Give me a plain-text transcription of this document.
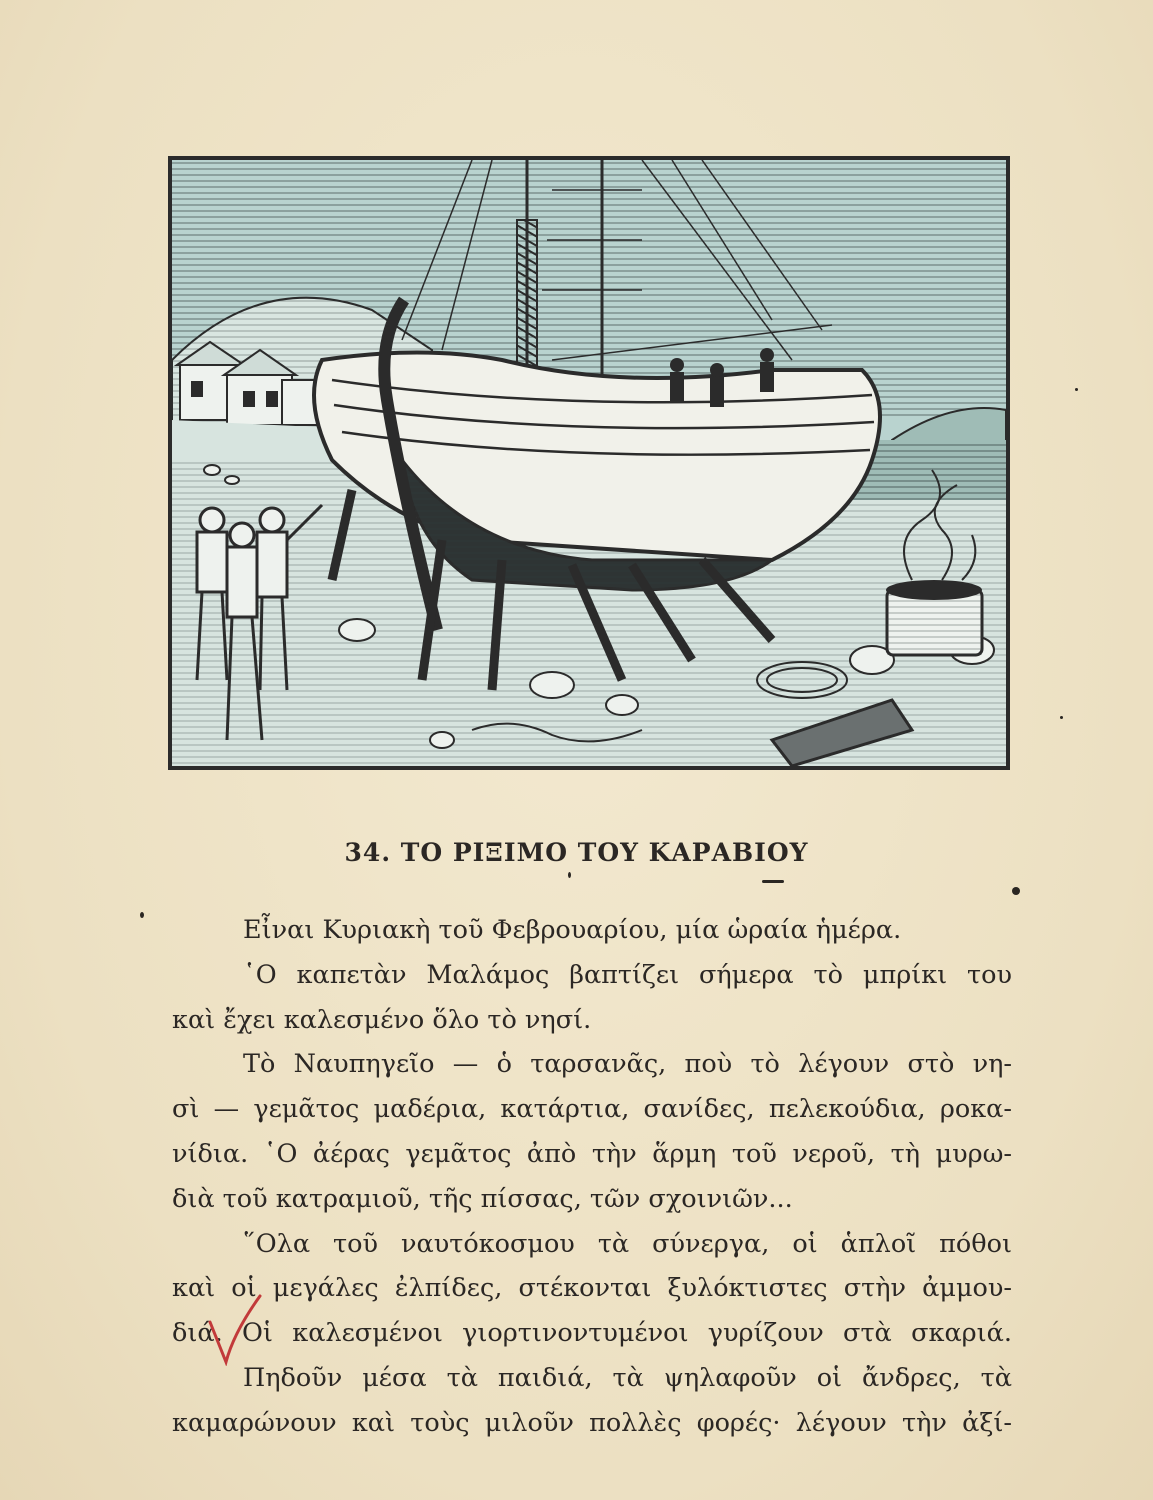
34. ΤΟ ΡΙΞΙΜΟ ΤΟΥ ΚΑΡΑΒΙΟΥ
Εἶναι Κυριακὴ τοῦ Φεβρουαρίου, μία ὡραία ἡμέρα.
῾Ο καπετὰν Μαλάμος βαπτίζει σήμερα τὸ μπρίκι του
καὶ ἔχει καλεσμένο ὅλο τὸ νησί.
Τὸ Ναυπηγεῖο — ὁ ταρσανᾶς, ποὺ τὸ λέγουν στὸ νη-
σὶ — γεμᾶτος μαδέρια, κατάρτια, σανίδες, πελεκούδια, ροκα-
νίδια. ῾Ο ἀέρας γεμᾶτος ἀπὸ τὴν ἅρμη τοῦ νεροῦ, τὴ μυρω-
διὰ τοῦ κατραμιοῦ, τῆς πίσσας, τῶν σχοινιῶν...
῞Ολα τοῦ ναυτόκοσμου τὰ σύνεργα, οἱ ἁπλοῖ πόθοι
καὶ οἱ μεγάλες ἐλπίδες, στέκονται ξυλόκτιστες στὴν ἀμμου-
διά. Οἱ καλεσμένοι γιορτινοντυμένοι γυρίζουν στὰ σκαριά.
Πηδοῦν μέσα τὰ παιδιά, τὰ ψηλαφοῦν οἱ ἄνδρες, τὰ
καμαρώνουν καὶ τοὺς μιλοῦν πολλὲς φορές· λέγουν τὴν ἀξί-
